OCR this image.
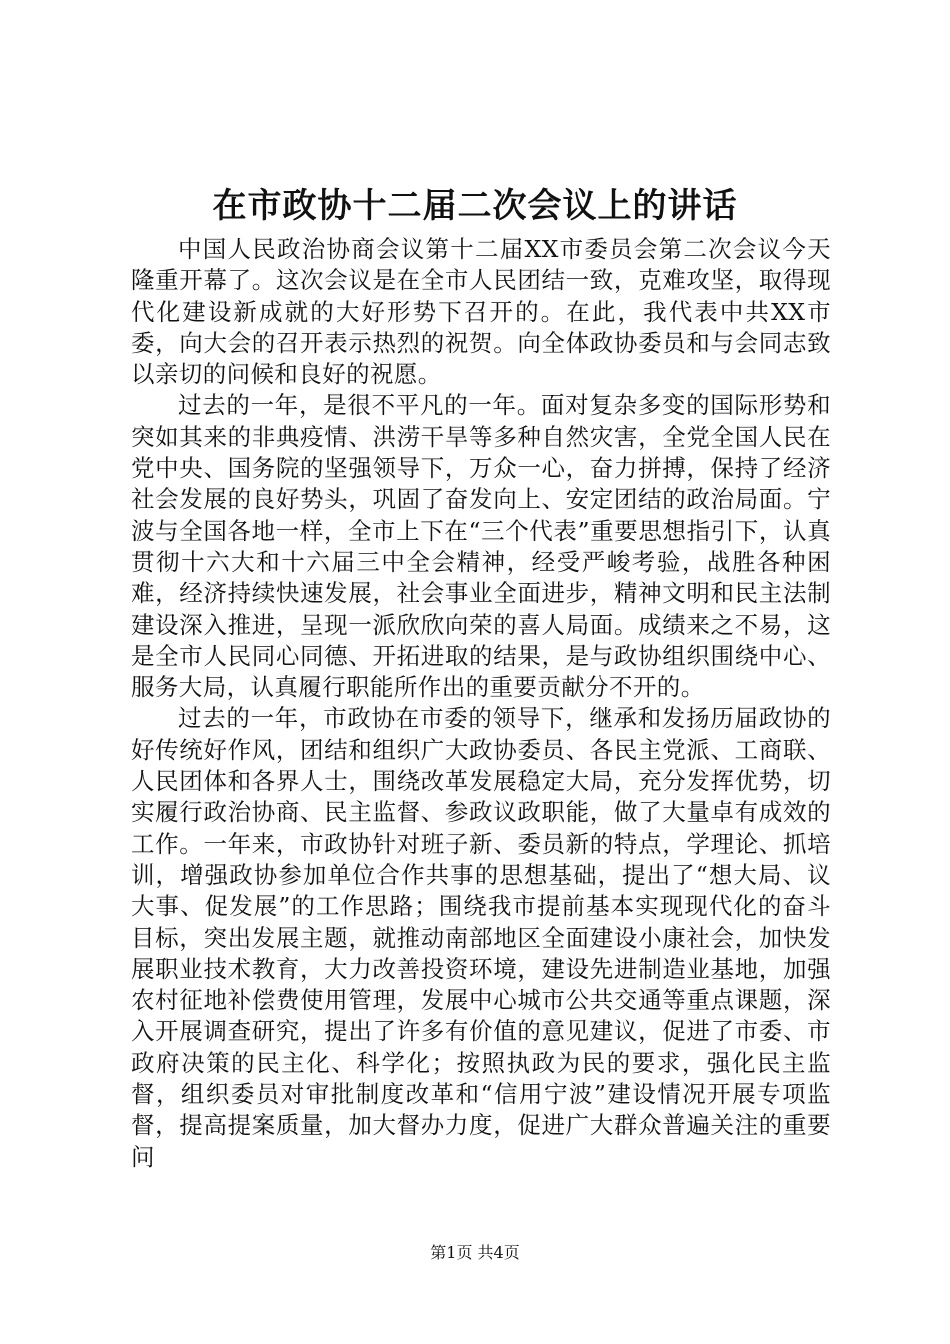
在市政协十二届二次会议上的讲话

中国人民政治协商会议第十二届XX市委员会第二次会议今天隆重开幕了。这次会议是在全市人民团结一致，克难攻坚，取得现代化建设新成就的大好形势下召开的。在此，我代表中共XX市委，向大会的召开表示热烈的祝贺。向全体政协委员和与会同志致以亲切的问候和良好的祝愿。

过去的一年，是很不平凡的一年。面对复杂多变的国际形势和突如其来的非典疫情、洪涝干旱等多种自然灾害，全党全国人民在党中央、国务院的坚强领导下，万众一心，奋力拼搏，保持了经济社会发展的良好势头，巩固了奋发向上、安定团结的政治局面。宁波与全国各地一样，全市上下在“三个代表”重要思想指引下，认真贯彻十六大和十六届三中全会精神，经受严峻考验，战胜各种困难，经济持续快速发展，社会事业全面进步，精神文明和民主法制建设深入推进，呈现一派欣欣向荣的喜人局面。成绩来之不易，这是全市人民同心同德、开拓进取的结果，是与政协组织围绕中心、服务大局，认真履行职能所作出的重要贡献分不开的。

过去的一年，市政协在市委的领导下，继承和发扬历届政协的好传统好作风，团结和组织广大政协委员、各民主党派、工商联、人民团体和各界人士，围绕改革发展稳定大局，充分发挥优势，切实履行政治协商、民主监督、参政议政职能，做了大量卓有成效的工作。一年来，市政协针对班子新、委员新的特点，学理论、抓培训，增强政协参加单位合作共事的思想基础，提出了“想大局、议大事、促发展”的工作思路；围绕我市提前基本实现现代化的奋斗目标，突出发展主题，就推动南部地区全面建设小康社会，加快发展职业技术教育，大力改善投资环境，建设先进制造业基地，加强农村征地补偿费使用管理，发展中心城市公共交通等重点课题，深入开展调查研究，提出了许多有价值的意见建议，促进了市委、市政府决策的民主化、科学化；按照执政为民的要求，强化民主监督，组织委员对审批制度改革和“信用宁波”建设情况开展专项监督，提高提案质量，加大督办力度，促进广大群众普遍关注的重要问

第1页 共4页
